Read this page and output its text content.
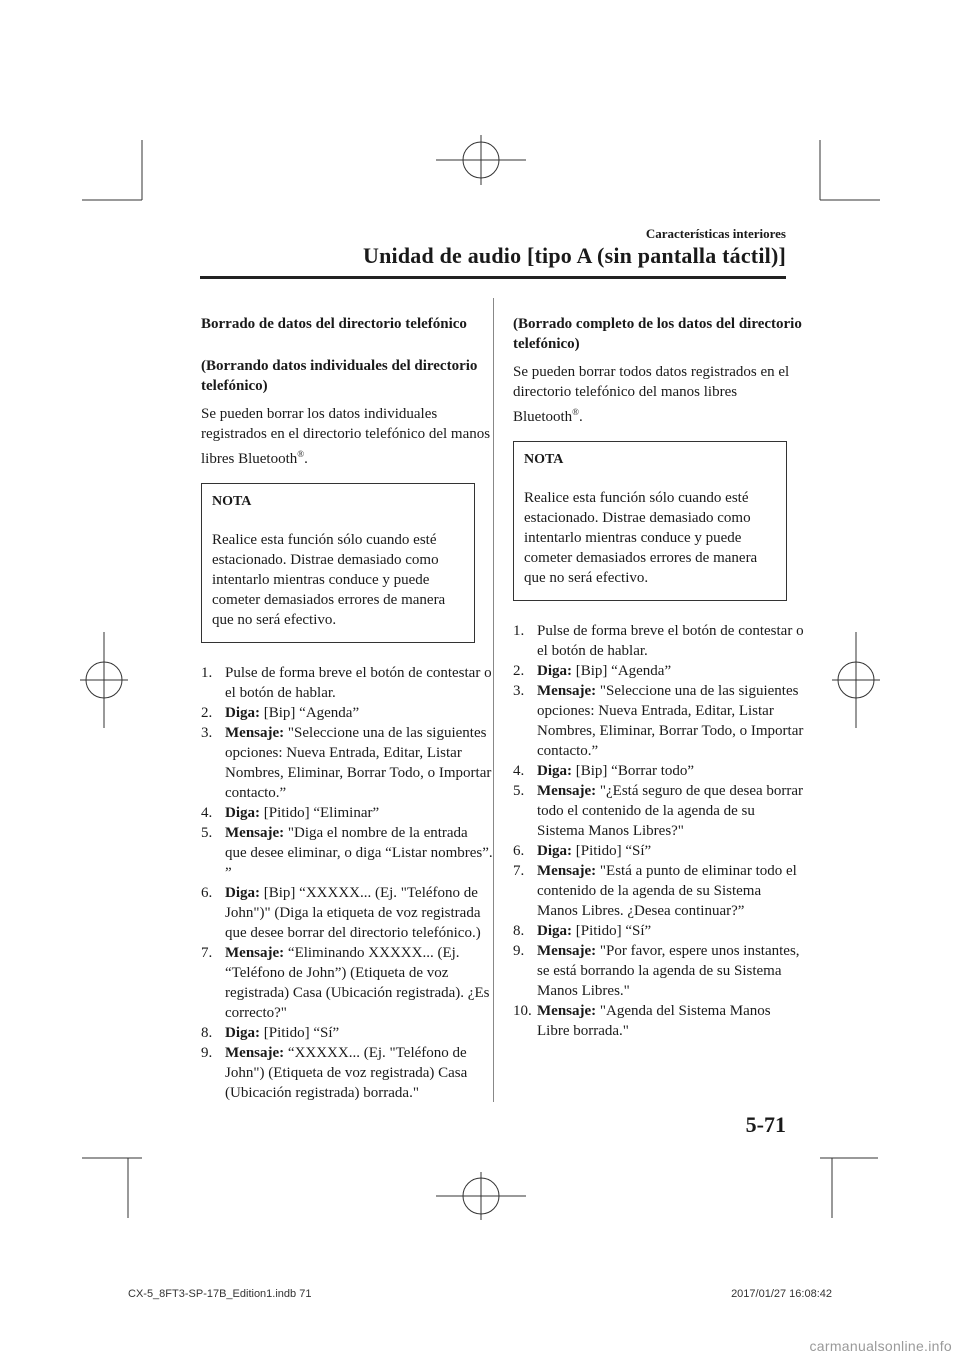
Características interiores
Unidad de audio [tipo A (sin pantalla táctil)]

Borrado de datos del directorio telefónico

(Borrando datos individuales del directorio telefónico)

Se pueden borrar los datos individuales registrados en el directorio telefónico del manos libres Bluetooth®.

NOTA
Realice esta función sólo cuando esté estacionado. Distrae demasiado como intentarlo mientras conduce y puede cometer demasiados errores de manera que no será efectivo.
1. Pulse de forma breve el botón de contestar o el botón de hablar.
2. Diga: [Bip] “Agenda”
3. Mensaje: "Seleccione una de las siguientes opciones: Nueva Entrada, Editar, Listar Nombres, Eliminar, Borrar Todo, o Importar contacto.”
4. Diga: [Pitido] “Eliminar”
5. Mensaje: "Diga el nombre de la entrada que desee eliminar, o diga “Listar nombres”. ”
6. Diga: [Bip] “XXXXX... (Ej. "Teléfono de John")" (Diga la etiqueta de voz registrada que desee borrar del directorio telefónico.)
7. Mensaje: “Eliminando XXXXX... (Ej. “Teléfono de John”) (Etiqueta de voz registrada) Casa (Ubicación registrada). ¿Es correcto?"
8. Diga: [Pitido] “Sí”
9. Mensaje: “XXXXX... (Ej. "Teléfono de John") (Etiqueta de voz registrada) Casa (Ubicación registrada) borrada."

(Borrado completo de los datos del directorio telefónico)

Se pueden borrar todos datos registrados en el directorio telefónico del manos libres Bluetooth®.

NOTA
Realice esta función sólo cuando esté estacionado. Distrae demasiado como intentarlo mientras conduce y puede cometer demasiados errores de manera que no será efectivo.
1. Pulse de forma breve el botón de contestar o el botón de hablar.
2. Diga: [Bip] “Agenda”
3. Mensaje: "Seleccione una de las siguientes opciones: Nueva Entrada, Editar, Listar Nombres, Eliminar, Borrar Todo, o Importar contacto.”
4. Diga: [Bip] “Borrar todo”
5. Mensaje: "¿Está seguro de que desea borrar todo el contenido de la agenda de su Sistema Manos Libres?"
6. Diga: [Pitido] “Sí”
7. Mensaje: "Está a punto de eliminar todo el contenido de la agenda de su Sistema Manos Libres. ¿Desea continuar?”
8. Diga: [Pitido] “Sí”
9. Mensaje: "Por favor, espere unos instantes, se está borrando la agenda de su Sistema Manos Libres."
10. Mensaje: "Agenda del Sistema Manos Libre borrada."
5-71
CX-5_8FT3-SP-17B_Edition1.indb 71	2017/01/27 16:08:42
carmanualsonline.info
